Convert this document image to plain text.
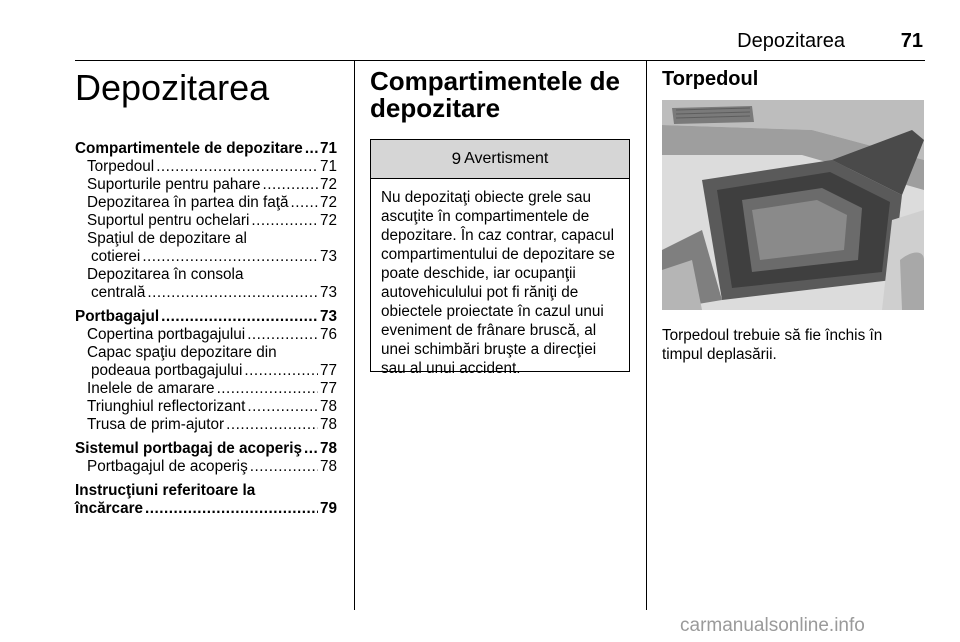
Depozitarea	71
Depozitarea
Compartimentele de depozitare ..... 71
Torpedoul .....	71
Suporturile pentru pahare .....	72
Depozitarea în partea din faţă ..... 72
Suportul pentru ochelari .....	72
Spaţiul de depozitare al
cotierei .....	73
Depozitarea în consola
centrală .....	73
Portbagajul .....	73
Copertina portbagajului .....	76
Capac spaţiu depozitare din
podeaua portbagajului .....	77
Inelele de amarare .....	77
Triunghiul reflectorizant .....	78
Trusa de prim-ajutor .....	78
Sistemul portbagaj de acoperiş ..... 78
Portbagajul de acoperiş .....	78
Instrucţiuni referitoare la
încărcare .....	79
Compartimentele de depozitare
9 Avertisment
Nu depozitaţi obiecte grele sau ascuţite în compartimentele de depozitare. În caz contrar, capacul compartimentului de depozitare se poate deschide, iar ocupanţii autovehiculului pot fi răniţi de obiectele proiectate în cazul unui eveniment de frânare bruscă, al unei schimbări bruşte a direcţiei sau al unui accident.
Torpedoul
Torpedoul trebuie să fie închis în timpul deplasării.
carmanualsonline.info
